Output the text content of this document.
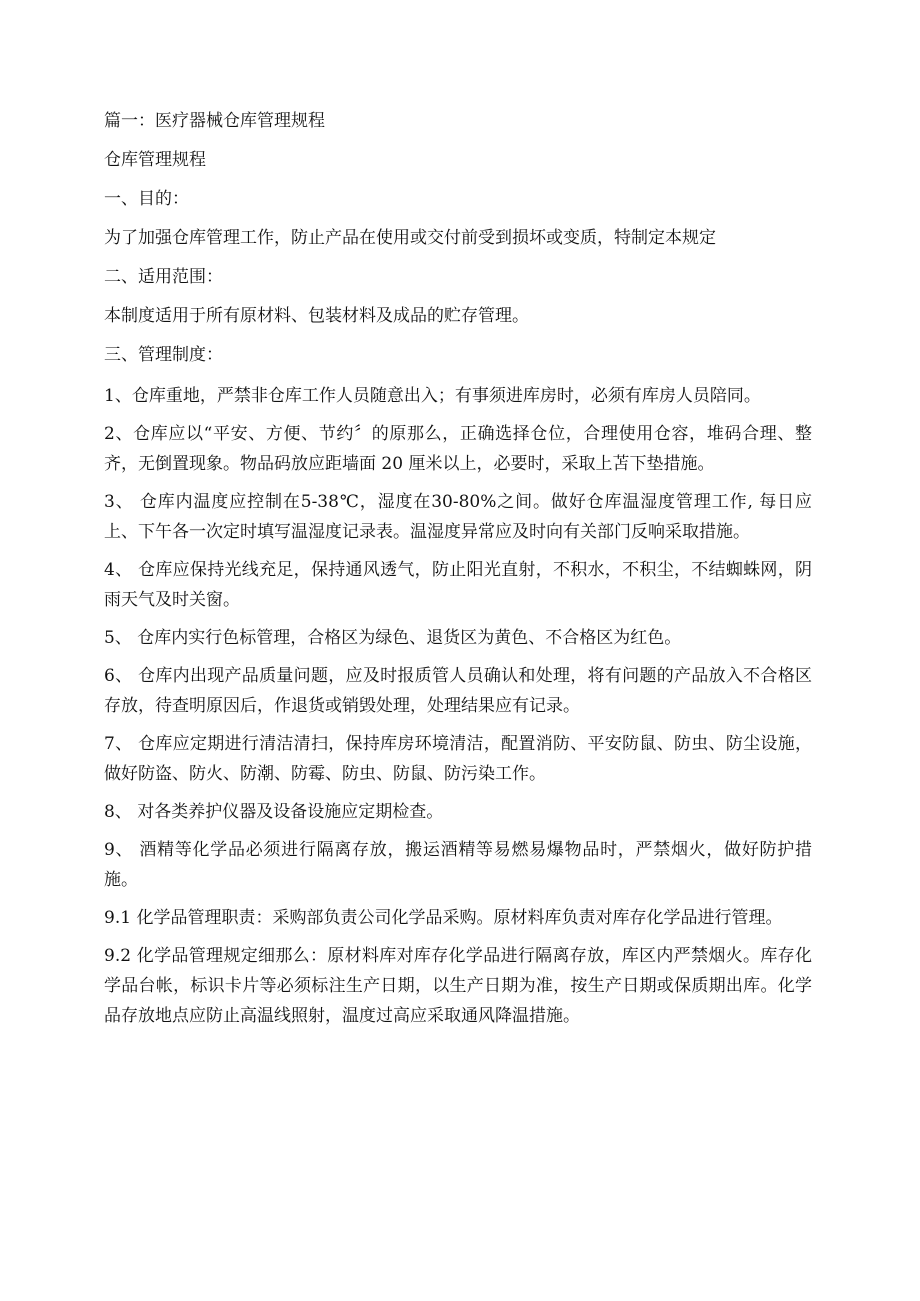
篇一：医疗器械仓库管理规程
仓库管理规程
一、目的：
为了加强仓库管理工作，防止产品在使用或交付前受到损坏或变质，特制定本规定
二、适用范围：
本制度适用于所有原材料、包装材料及成品的贮存管理。
三、管理制度：
1、仓库重地，严禁非仓库工作人员随意出入；有事须进库房时，必须有库房人员陪同。
2、仓库应以“平安、方便、节约〞的原那么，正确选择仓位，合理使用仓容，堆码合理、整齐，无倒置现象。物品码放应距墙面 20 厘米以上，必要时，采取上苫下垫措施。
3、 仓库内温度应控制在5-38℃，湿度在30-80%之间。做好仓库温湿度管理工作, 每日应上、下午各一次定时填写温湿度记录表。温湿度异常应及时向有关部门反响采取措施。
4、 仓库应保持光线充足，保持通风透气，防止阳光直射，不积水，不积尘，不结蜘蛛网，阴雨天气及时关窗。
5、 仓库内实行色标管理，合格区为绿色、退货区为黄色、不合格区为红色。
6、 仓库内出现产品质量问题，应及时报质管人员确认和处理，将有问题的产品放入不合格区存放，待查明原因后，作退货或销毁处理，处理结果应有记录。
7、 仓库应定期进行清洁清扫，保持库房环境清洁，配置消防、平安防鼠、防虫、防尘设施，做好防盗、防火、防潮、防霉、防虫、防鼠、防污染工作。
8、 对各类养护仪器及设备设施应定期检查。
9、 酒精等化学品必须进行隔离存放，搬运酒精等易燃易爆物品时，严禁烟火，做好防护措施。
9.1 化学品管理职责：采购部负责公司化学品采购。原材料库负责对库存化学品进行管理。
9.2 化学品管理规定细那么：原材料库对库存化学品进行隔离存放，库区内严禁烟火。库存化学品台帐，标识卡片等必须标注生产日期，以生产日期为准，按生产日期或保质期出库。化学品存放地点应防止高温线照射，温度过高应采取通风降温措施。
